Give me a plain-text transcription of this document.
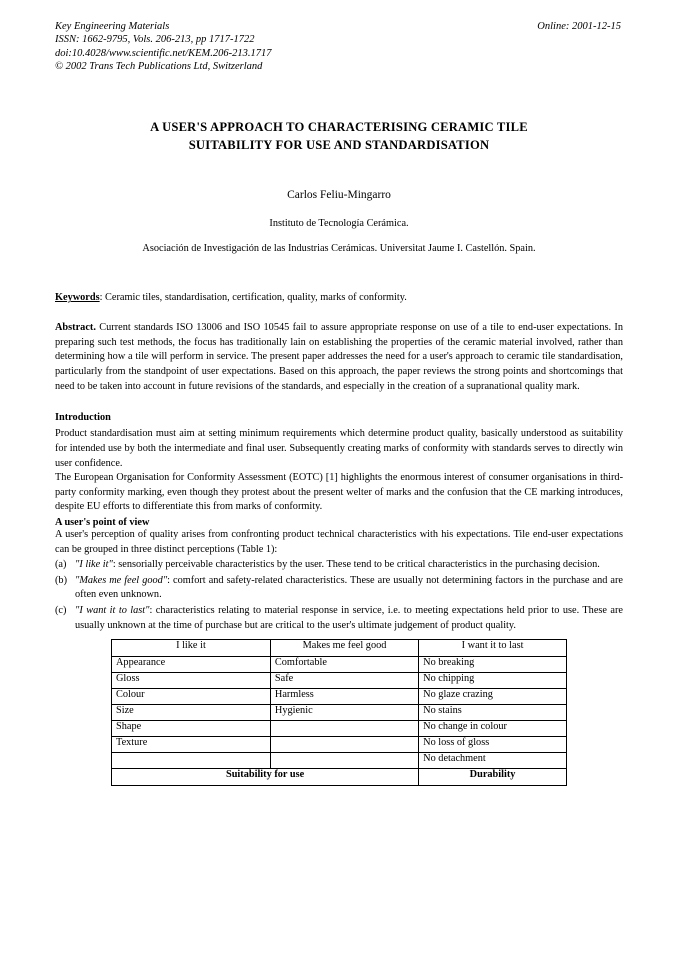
Key Engineering Materials
ISSN: 1662-9795, Vols. 206-213, pp 1717-1722
doi:10.4028/www.scientific.net/KEM.206-213.1717
© 2002 Trans Tech Publications Ltd, Switzerland
Online: 2001-12-15
A USER'S APPROACH TO CHARACTERISING CERAMIC TILE
SUITABILITY FOR USE AND STANDARDISATION
Carlos Feliu-Mingarro
Instituto de Tecnología Cerámica.
Asociación de Investigación de las Industrias Cerámicas. Universitat Jaume I. Castellón. Spain.
Keywords: Ceramic tiles, standardisation, certification, quality, marks of conformity.
Abstract. Current standards ISO 13006 and ISO 10545 fail to assure appropriate response on use of a tile to end-user expectations. In preparing such test methods, the focus has traditionally lain on establishing the properties of the ceramic material involved, rather than determining how a tile will perform in service. The present paper addresses the need for a user's approach to ceramic tile standardisation, particularly from the standpoint of user expectations. Based on this approach, the paper reviews the strong points and shortcomings that need to be taken into account in future revisions of the standards, and especially in the creation of a supranational quality mark.
Introduction

Product standardisation must aim at setting minimum requirements which determine product quality, basically understood as suitability for intended use by both the intermediate and final user. Subsequently creating marks of conformity with standards serves to directly win user confidence.

The European Organisation for Conformity Assessment (EOTC) [1] highlights the enormous interest of consumer organisations in third-party conformity marking, even though they protest about the present welter of marks and the confusion that the CE marking introduces, despite EU efforts to differentiate this from marks of conformity.

A user's point of view

A user's perception of quality arises from confronting product technical characteristics with his expectations. Tile end-user expectations can be grouped in three distinct perceptions (Table 1):

(a) "I like it": sensorially perceivable characteristics by the user. These tend to be critical characteristics in the purchasing decision.
(b) "Makes me feel good": comfort and safety-related characteristics. These are usually not determining factors in the purchase and are often even unknown.
(c) "I want it to last": characteristics relating to material response in service, i.e. to meeting expectations held prior to use. These are usually unknown at the time of purchase but are critical to the user's ultimate judgement of product quality.
I like it	Makes me feel good	I want it to last
Appearance	Comfortable	No breaking
Gloss	Safe	No chipping
Colour	Harmless	No glaze crazing
Size	Hygienic	No stains
Shape		No change in colour
Texture		No loss of gloss
		No detachment
Suitability for use		Durability
